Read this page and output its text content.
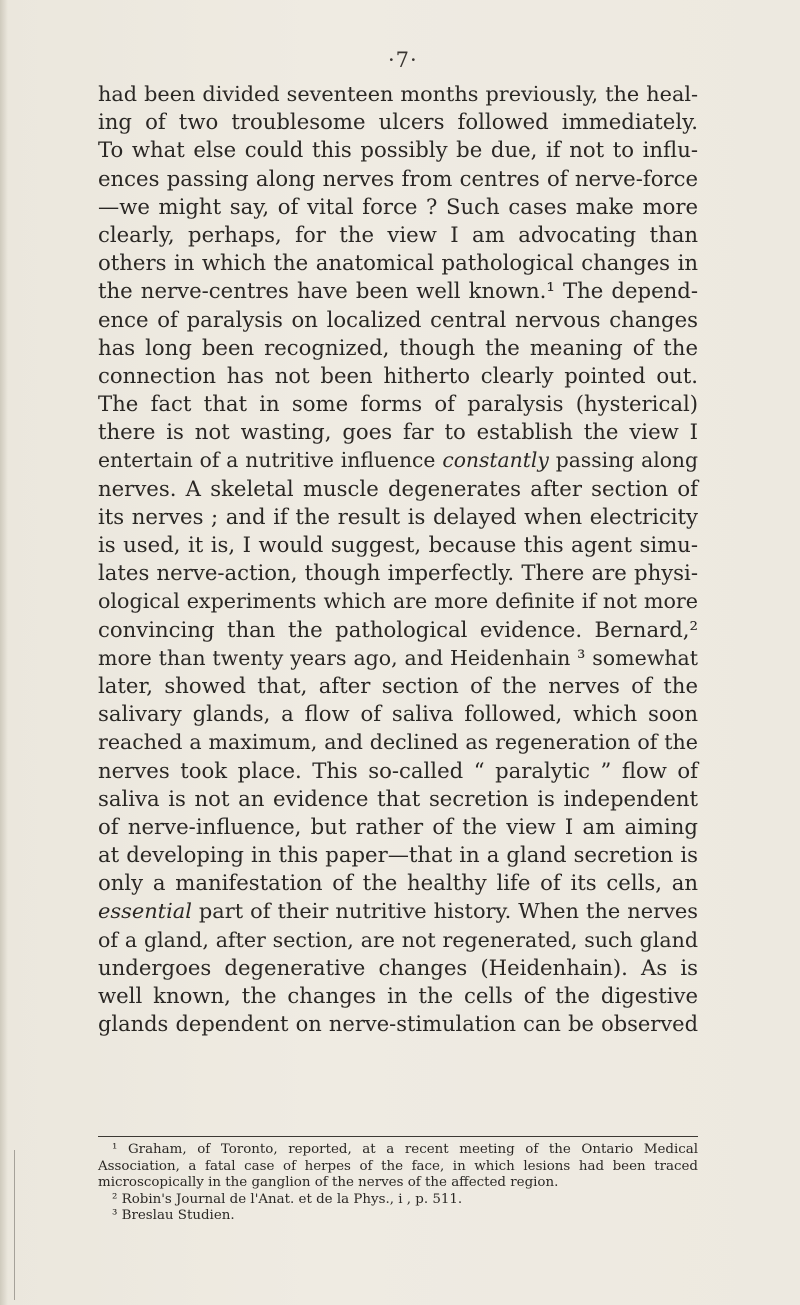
·7·
had been divided seventeen months previously, the heal-
ing of two troublesome ulcers followed immediately.
To what else could this possibly be due, if not to influ-
ences passing along nerves from centres of nerve-force
—we might say, of vital force ? Such cases make more
clearly, perhaps, for the view I am advocating than
others in which the anatomical pathological changes in
the nerve-centres have been well known.¹ The depend-
ence of paralysis on localized central nervous changes
has long been recognized, though the meaning of the
connection has not been hitherto clearly pointed out.
The fact that in some forms of paralysis (hysterical)
there is not wasting, goes far to establish the view I
entertain of a nutritive influence constantly passing along
nerves. A skeletal muscle degenerates after section of
its nerves ; and if the result is delayed when electricity
is used, it is, I would suggest, because this agent simu-
lates nerve-action, though imperfectly. There are physi-
ological experiments which are more definite if not more
convincing than the pathological evidence. Bernard,²
more than twenty years ago, and Heidenhain ³ somewhat
later, showed that, after section of the nerves of the
salivary glands, a flow of saliva followed, which soon
reached a maximum, and declined as regeneration of the
nerves took place. This so-called “ paralytic ” flow of
saliva is not an evidence that secretion is independent
of nerve-influence, but rather of the view I am aiming
at developing in this paper—that in a gland secretion is
only a manifestation of the healthy life of its cells, an
essential part of their nutritive history. When the nerves
of a gland, after section, are not regenerated, such gland
undergoes degenerative changes (Heidenhain). As is
well known, the changes in the cells of the digestive
glands dependent on nerve-stimulation can be observed
¹ Graham, of Toronto, reported, at a recent meeting of the Ontario Medical
Association, a fatal case of herpes of the face, in which lesions had been traced
microscopically in the ganglion of the nerves of the affected region.
² Robin's Journal de l'Anat. et de la Phys., i , p. 511.
³ Breslau Studien.
